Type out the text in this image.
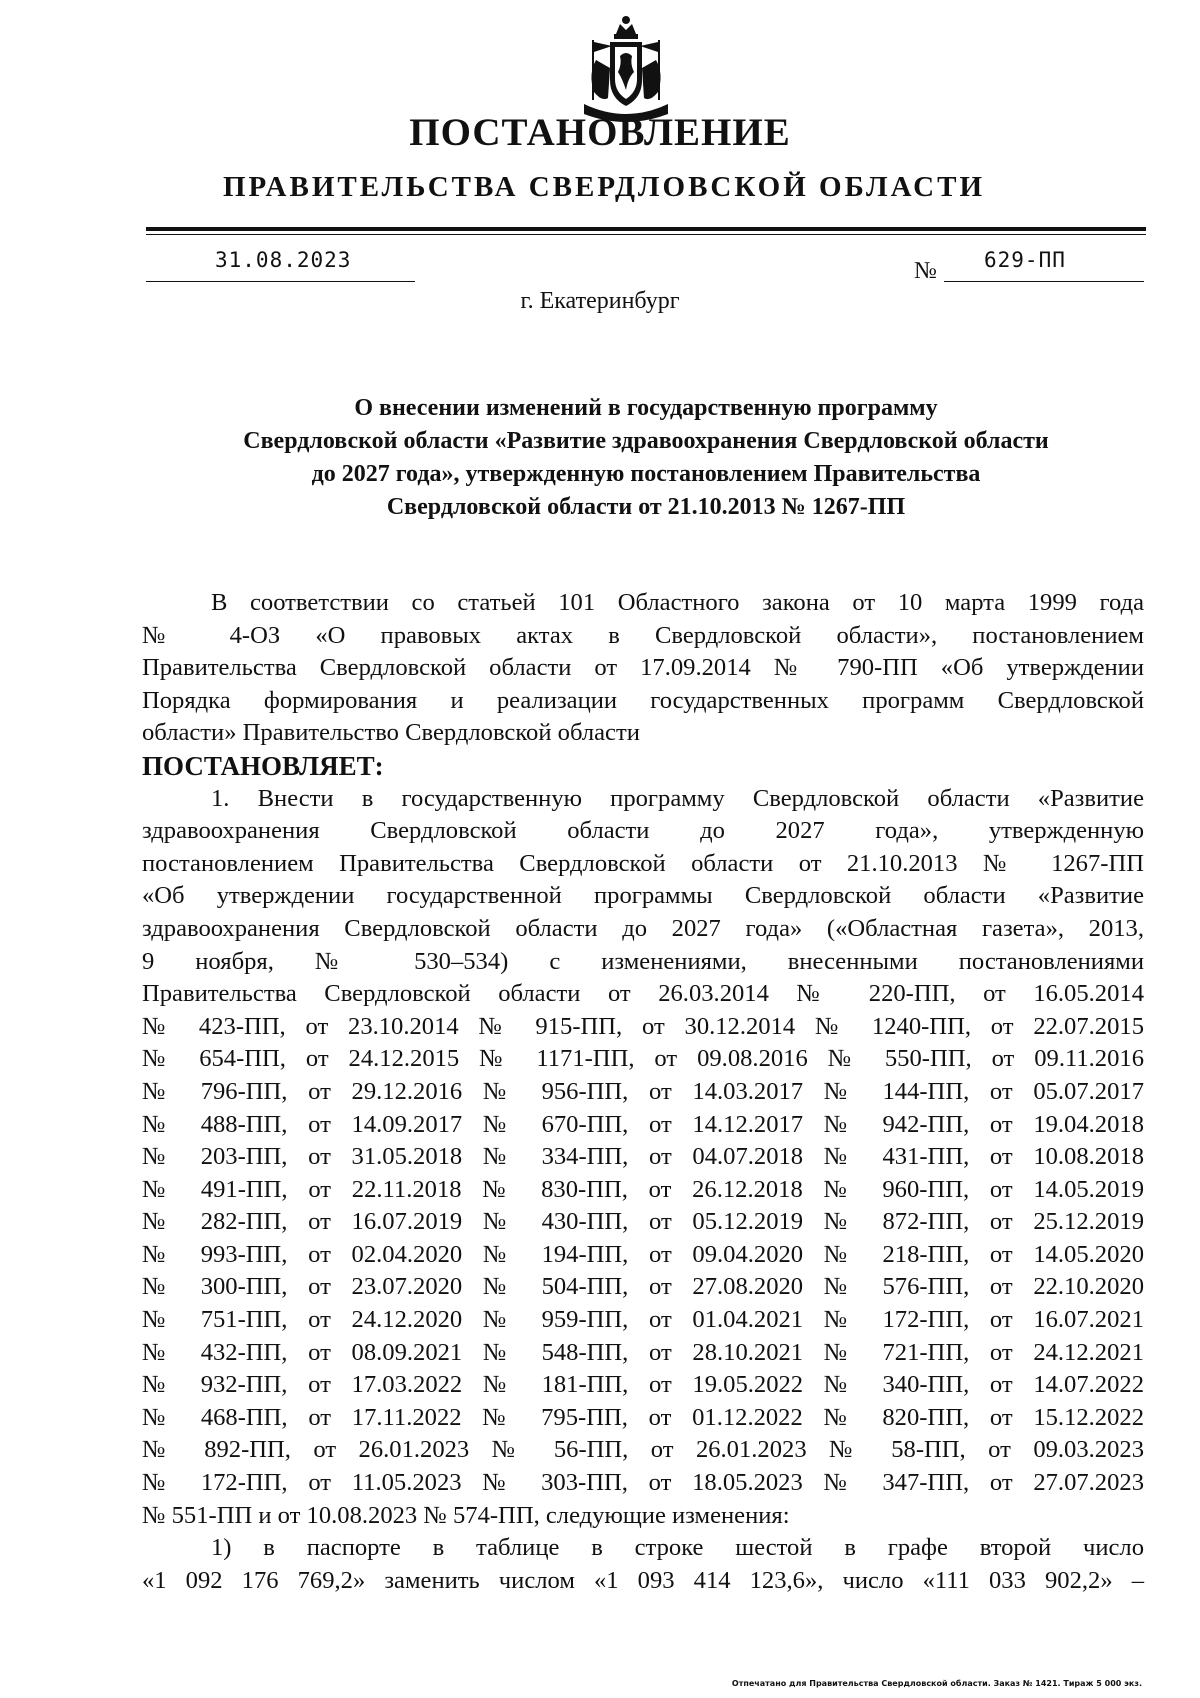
ПОСТАНОВЛЕНИЕ
ПРАВИТЕЛЬСТВА СВЕРДЛОВСКОЙ ОБЛАСТИ
31.08.2023	№ 629-ПП
г. Екатеринбург
О внесении изменений в государственную программу
Свердловской области «Развитие здравоохранения Свердловской области
до 2027 года», утвержденную постановлением Правительства
Свердловской области от 21.10.2013 № 1267-ПП
В соответствии со статьей 101 Областного закона от 10 марта 1999 года
№ 4-ОЗ «О правовых актах в Свердловской области», постановлением
Правительства Свердловской области от 17.09.2014 № 790-ПП «Об утверждении
Порядка формирования и реализации государственных программ Свердловской
области» Правительство Свердловской области
ПОСТАНОВЛЯЕТ:
1. Внести в государственную программу Свердловской области «Развитие
здравоохранения Свердловской области до 2027 года», утвержденную
постановлением Правительства Свердловской области от 21.10.2013 № 1267-ПП
«Об утверждении государственной программы Свердловской области «Развитие
здравоохранения Свердловской области до 2027 года» («Областная газета», 2013,
9 ноября, № 530–534) с изменениями, внесенными постановлениями
Правительства Свердловской области от 26.03.2014 № 220-ПП, от 16.05.2014
№ 423-ПП, от 23.10.2014 № 915-ПП, от 30.12.2014 № 1240-ПП, от 22.07.2015
№ 654-ПП, от 24.12.2015 № 1171-ПП, от 09.08.2016 № 550-ПП, от 09.11.2016
№ 796-ПП, от 29.12.2016 № 956-ПП, от 14.03.2017 № 144-ПП, от 05.07.2017
№ 488-ПП, от 14.09.2017 № 670-ПП, от 14.12.2017 № 942-ПП, от 19.04.2018
№ 203-ПП, от 31.05.2018 № 334-ПП, от 04.07.2018 № 431-ПП, от 10.08.2018
№ 491-ПП, от 22.11.2018 № 830-ПП, от 26.12.2018 № 960-ПП, от 14.05.2019
№ 282-ПП, от 16.07.2019 № 430-ПП, от 05.12.2019 № 872-ПП, от 25.12.2019
№ 993-ПП, от 02.04.2020 № 194-ПП, от 09.04.2020 № 218-ПП, от 14.05.2020
№ 300-ПП, от 23.07.2020 № 504-ПП, от 27.08.2020 № 576-ПП, от 22.10.2020
№ 751-ПП, от 24.12.2020 № 959-ПП, от 01.04.2021 № 172-ПП, от 16.07.2021
№ 432-ПП, от 08.09.2021 № 548-ПП, от 28.10.2021 № 721-ПП, от 24.12.2021
№ 932-ПП, от 17.03.2022 № 181-ПП, от 19.05.2022 № 340-ПП, от 14.07.2022
№ 468-ПП, от 17.11.2022 № 795-ПП, от 01.12.2022 № 820-ПП, от 15.12.2022
№ 892-ПП, от 26.01.2023 № 56-ПП, от 26.01.2023 № 58-ПП, от 09.03.2023
№ 172-ПП, от 11.05.2023 № 303-ПП, от 18.05.2023 № 347-ПП, от 27.07.2023
№ 551-ПП и от 10.08.2023 № 574-ПП, следующие изменения:
1) в паспорте в таблице в строке шестой в графе второй число
«1 092 176 769,2» заменить числом «1 093 414 123,6», число «111 033 902,2» –
Отпечатано для Правительства Свердловской области. Заказ № 1421. Тираж 5 000 экз.
